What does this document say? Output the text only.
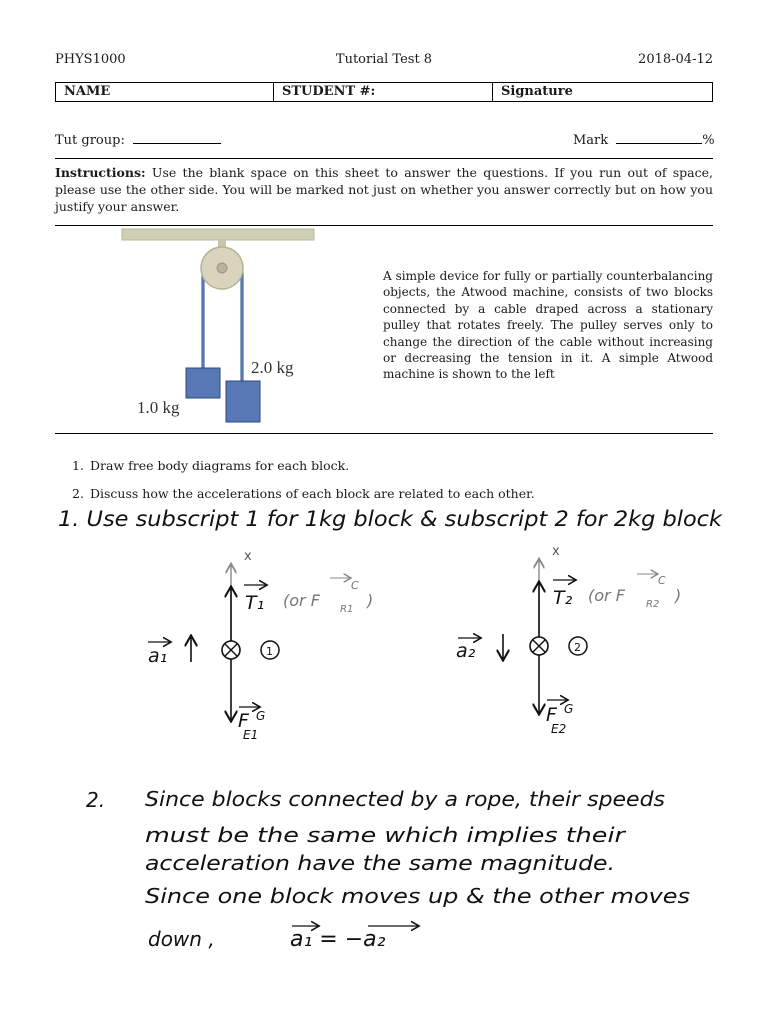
PHYS1000	Tutorial Test 8	2018-04-12
NAME	STUDENT #:	Signature
Tut group:	Mark	%
Instructions: Use the blank space on this sheet to answer the questions. If you run out of space, please use the other side. You will be marked not just on whether you answer correctly but on how you justify your answer.
A simple device for fully or partially counterbalancing objects, the Atwood machine, consists of two blocks connected by a cable draped across a stationary pulley that rotates freely. The pulley serves only to change the direction of the cable without increasing or decreasing the tension in it. A simple Atwood machine is shown to the left
1. Draw free body diagrams for each block.
2. Discuss how the accelerations of each block are related to each other.
1.0 kg
2.0 kg
1. Use subscript 1 for 1kg block & subscript 2 for 2kg block
x
T₁ (or F
C
R1 )
a₁	1
F G
E1
x
T₂ (or F
C
R2 )
a₂	2
F G
E2
2. Since blocks connected by a rope, their speeds
must be the same which implies their
acceleration have the same magnitude.
Since one block moves up & the other moves
down ,	a₁ = −a₂
